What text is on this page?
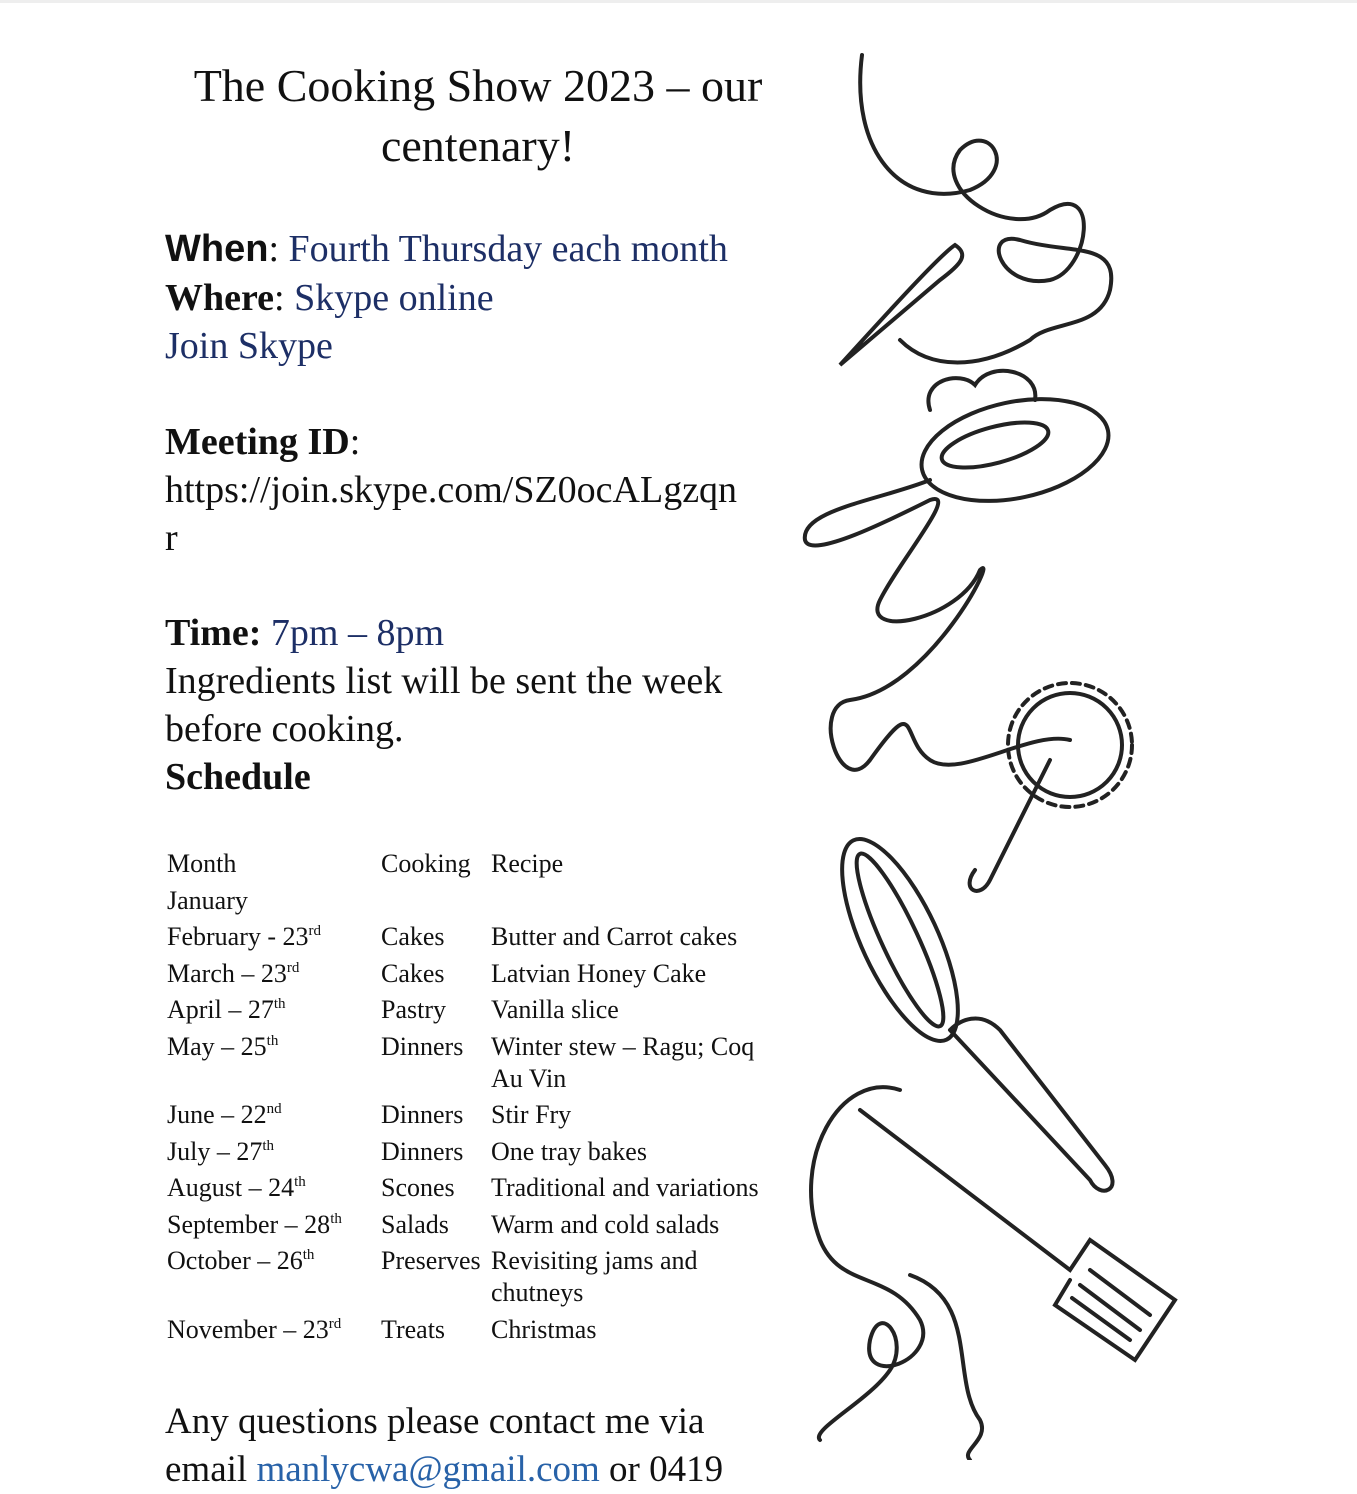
The Cooking Show 2023 – our
centenary!
When: Fourth Thursday each month
Where: Skype online
Join Skype
Meeting ID:
https://join.skype.com/SZ0ocALgzqn
r
Time: 7pm – 8pm
Ingredients list will be sent the week
before cooking.
Schedule
Month	Cooking	Recipe
January		
February - 23rd	Cakes	Butter and Carrot cakes
March – 23rd	Cakes	Latvian Honey Cake
April – 27th	Pastry	Vanilla slice
May – 25th	Dinners	Winter stew – Ragu; Coq Au Vin
June – 22nd	Dinners	Stir Fry
July – 27th	Dinners	One tray bakes
August – 24th	Scones	Traditional and variations
September – 28th	Salads	Warm and cold salads
October – 26th	Preserves	Revisiting jams and chutneys
November – 23rd	Treats	Christmas
Any questions please contact me via
email manlycwa@gmail.com or 0419
